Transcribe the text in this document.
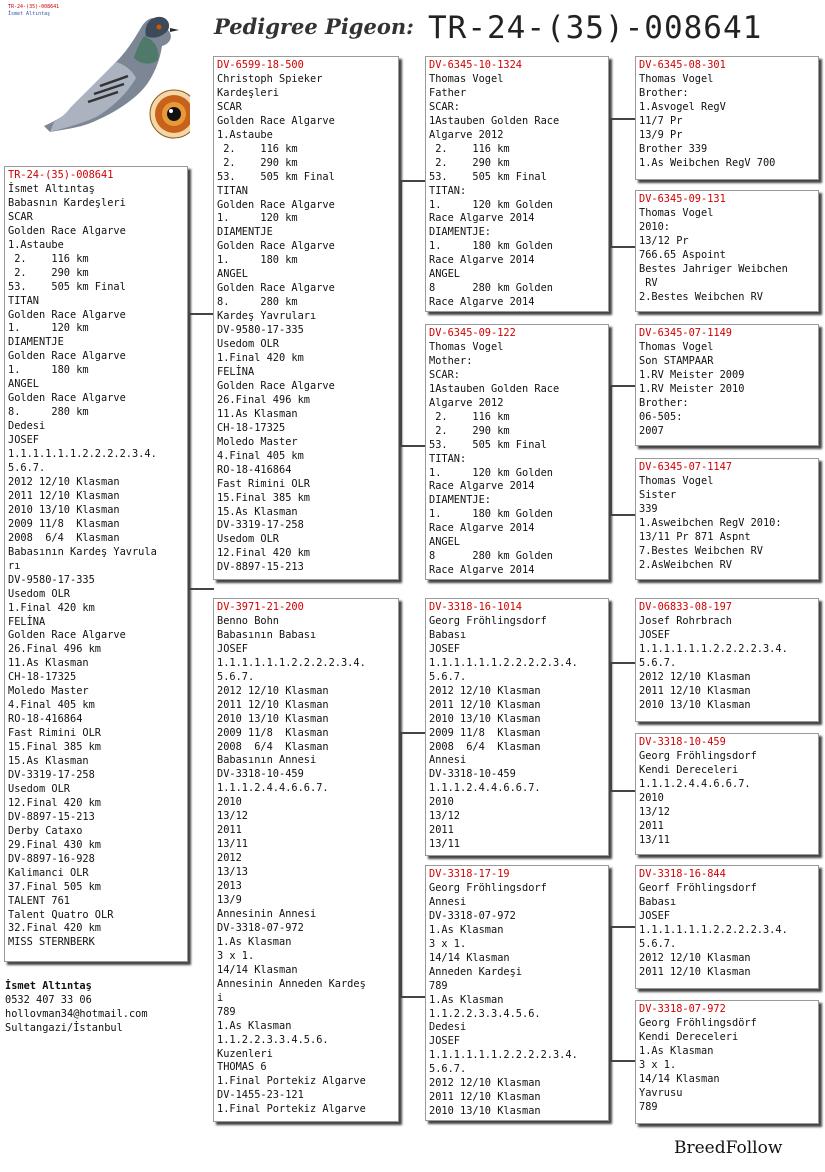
TR-24-(35)-008641
İsmet Altıntaş	Pedigree Pigeon: TR-24-(35)-008641
TR-24-(35)-008641
İsmet Altıntaş
Babasnın Kardeşleri
SCAR
Golden Race Algarve
1.Astaube
2.    116 km
2.    290 km
53.    505 km Final
TITAN
Golden Race Algarve
1.     120 km
DIAMENTJE
Golden Race Algarve
1.     180 km
ANGEL
Golden Race Algarve
8.     280 km
Dedesi
JOSEF
1.1.1.1.1.1.2.2.2.2.3.4.
5.6.7.
2012 12/10 Klasman
2011 12/10 Klasman
2010 13/10 Klasman
2009 11/8  Klasman
2008  6/4  Klasman
Babasının Kardeş Yavrula
rı
DV-9580-17-335
Usedom OLR
1.Final 420 km
FELİNA
Golden Race Algarve
26.Final 496 km
11.As Klasman
CH-18-17325
Moledo Master
4.Final 405 km
RO-18-416864
Fast Rimini OLR
15.Final 385 km
15.As Klasman
DV-3319-17-258
Usedom OLR
12.Final 420 km
DV-8897-15-213
Derby Cataxo
29.Final 430 km
DV-8897-16-928
Kalimanci OLR
37.Final 505 km
TALENT 761
Talent Quatro OLR
32.Final 420 km
MISS STERNBERK
DV-6599-18-500
Christoph Spieker
Kardeşleri
SCAR
Golden Race Algarve
1.Astaube
2.    116 km
2.    290 km
53.    505 km Final
TITAN
Golden Race Algarve
1.     120 km
DIAMENTJE
Golden Race Algarve
1.     180 km
ANGEL
Golden Race Algarve
8.     280 km
Kardeş Yavruları
DV-9580-17-335
Usedom OLR
1.Final 420 km
FELİNA
Golden Race Algarve
26.Final 496 km
11.As Klasman
CH-18-17325
Moledo Master
4.Final 405 km
RO-18-416864
Fast Rimini OLR
15.Final 385 km
15.As Klasman
DV-3319-17-258
Usedom OLR
12.Final 420 km
DV-8897-15-213
DV-3971-21-200
Benno Bohn
Babasının Babası
JOSEF
1.1.1.1.1.1.2.2.2.2.3.4.
5.6.7.
2012 12/10 Klasman
2011 12/10 Klasman
2010 13/10 Klasman
2009 11/8  Klasman
2008  6/4  Klasman
Babasının Annesi
DV-3318-10-459
1.1.1.2.4.4.6.6.7.
2010
13/12
2011
13/11
2012
13/13
2013
13/9
Annesinin Annesi
DV-3318-07-972
1.As Klasman
3 x 1.
14/14 Klasman
Annesinin Anneden Kardeş
i
789
1.As Klasman
1.1.2.2.3.3.4.5.6.
Kuzenleri
THOMAS 6
1.Final Portekiz Algarve
DV-1455-23-121
1.Final Portekiz Algarve
DV-6345-10-1324
Thomas Vogel
Father
SCAR:
1Astauben Golden Race
Algarve 2012
2.    116 km
2.    290 km
53.    505 km Final
TITAN:
1.     120 km Golden
Race Algarve 2014
DIAMENTJE:
1.     180 km Golden
Race Algarve 2014
ANGEL
8      280 km Golden
Race Algarve 2014
DV-6345-09-122
Thomas Vogel
Mother:
SCAR:
1Astauben Golden Race
Algarve 2012
2.    116 km
2.    290 km
53.    505 km Final
TITAN:
1.     120 km Golden
Race Algarve 2014
DIAMENTJE:
1.     180 km Golden
Race Algarve 2014
ANGEL
8      280 km Golden
Race Algarve 2014
DV-3318-16-1014
Georg Fröhlingsdorf
Babası
JOSEF
1.1.1.1.1.1.2.2.2.2.3.4.
5.6.7.
2012 12/10 Klasman
2011 12/10 Klasman
2010 13/10 Klasman
2009 11/8  Klasman
2008  6/4  Klasman
Annesi
DV-3318-10-459
1.1.1.2.4.4.6.6.7.
2010
13/12
2011
13/11
DV-3318-17-19
Georg Fröhlingsdorf
Annesi
DV-3318-07-972
1.As Klasman
3 x 1.
14/14 Klasman
Anneden Kardeşi
789
1.As Klasman
1.1.2.2.3.3.4.5.6.
Dedesi
JOSEF
1.1.1.1.1.1.2.2.2.2.3.4.
5.6.7.
2012 12/10 Klasman
2011 12/10 Klasman
2010 13/10 Klasman
DV-6345-08-301
Thomas Vogel
Brother:
1.Asvogel RegV
11/7 Pr
13/9 Pr
Brother 339
1.As Weibchen RegV 700
DV-6345-09-131
Thomas Vogel
2010:
13/12 Pr
766.65 Aspoint
Bestes Jahriger Weibchen
RV
2.Bestes Weibchen RV
DV-6345-07-1149
Thomas Vogel
Son STAMPAAR
1.RV Meister 2009
1.RV Meister 2010
Brother:
06-505:
2007
DV-6345-07-1147
Thomas Vogel
Sister
339
1.Asweibchen RegV 2010:
13/11 Pr 871 Aspnt
7.Bestes Weibchen RV
2.AsWeibchen RV
DV-06833-08-197
Josef Rohrbrach
JOSEF
1.1.1.1.1.1.2.2.2.2.3.4.
5.6.7.
2012 12/10 Klasman
2011 12/10 Klasman
2010 13/10 Klasman
DV-3318-10-459
Georg Fröhlingsdorf
Kendi Dereceleri
1.1.1.2.4.4.6.6.7.
2010
13/12
2011
13/11
DV-3318-16-844
Georf Fröhlingsdorf
Babası
JOSEF
1.1.1.1.1.1.2.2.2.2.3.4.
5.6.7.
2012 12/10 Klasman
2011 12/10 Klasman
DV-3318-07-972
Georg Fröhlingsdörf
Kendi Dereceleri
1.As Klasman
3 x 1.
14/14 Klasman
Yavrusu
789
İsmet Altıntaş
0532 407 33 06
hollovman34@hotmail.com
Sultangazi/İstanbul
BreedFollow
